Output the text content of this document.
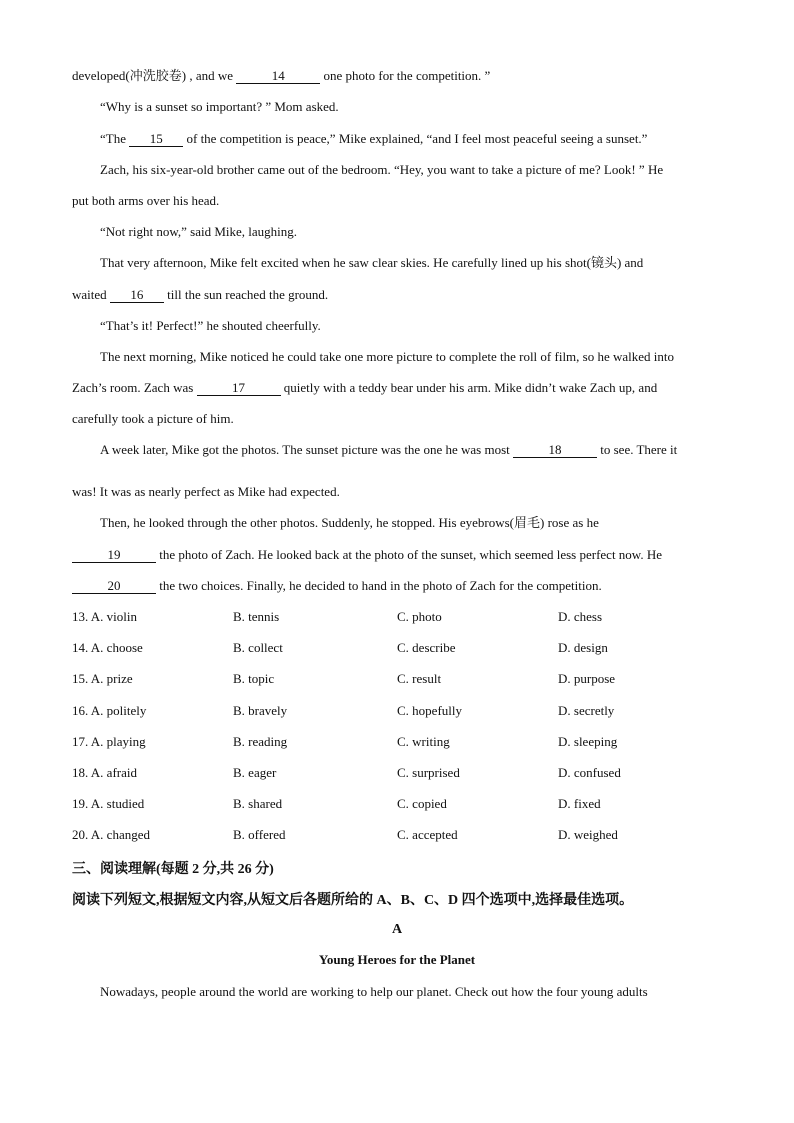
developed(冲洗胶卷) , and we	14	one photo for the competition. ”
“Why is a sunset so important? ” Mom asked.
“The 15 of the competition is peace,” Mike explained, “and I feel most peaceful seeing a sunset.”
Zach, his six-year-old brother came out of the bedroom. “Hey, you want to take a picture of me? Look! ” He
put both arms over his head.
“Not right now,” said Mike, laughing.
That very afternoon, Mike felt excited when he saw clear skies. He carefully lined up his shot(镜头) and
waited 16 till the sun reached the ground.
“That’s it! Perfect!” he shouted cheerfully.
The next morning, Mike noticed he could take one more picture to complete the roll of film, so he walked into
Zach’s room. Zach was	17	quietly with a teddy bear under his arm. Mike didn’t wake Zach up, and
carefully took a picture of him.
A week later, Mike got the photos. The sunset picture was the one he was most	18	to see. There it
was! It was as nearly perfect as Mike had expected.
Then, he looked through the other photos. Suddenly, he stopped. His eyebrows(眉毛) rose as he
19	the photo of Zach. He looked back at the photo of the sunset, which seemed less perfect now. He
20	the two choices. Finally, he decided to hand in the photo of Zach for the competition.
13. A. violin	B. tennis	C. photo	D. chess
14. A. choose	B. collect	C. describe	D. design
15. A. prize	B. topic	C. result	D. purpose
16. A. politely	B. bravely	C. hopefully	D. secretly
17. A. playing	B. reading	C. writing	D. sleeping
18. A. afraid	B. eager	C. surprised	D. confused
19. A. studied	B. shared	C. copied	D. fixed
20. A. changed	B. offered	C. accepted	D. weighed
三、阅读理解(每题 2 分,共 26 分)
阅读下列短文,根据短文内容,从短文后各题所给的 A、B、C、D 四个选项中,选择最佳选项。
A
Young Heroes for the Planet
Nowadays, people around the world are working to help our planet. Check out how the four young adults
